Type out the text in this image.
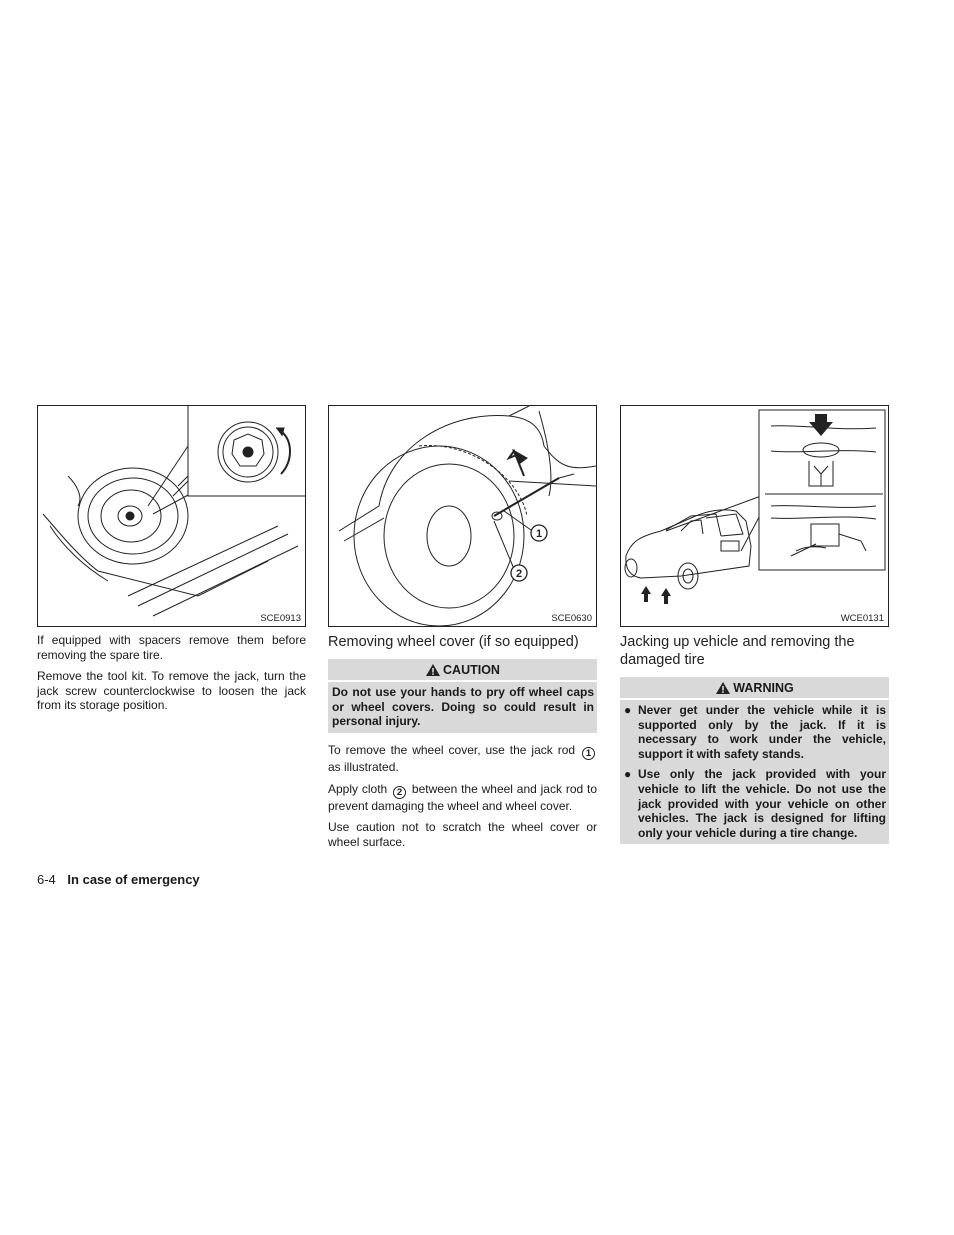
SCE0913

If equipped with spacers remove them before removing the spare tire.

Remove the tool kit. To remove the jack, turn the jack screw counterclockwise to loosen the jack from its storage position.

1
2
SCE0630
Removing wheel cover (if so equipped)
CAUTION
Do not use your hands to pry off wheel caps or wheel covers. Doing so could result in personal injury.

To remove the wheel cover, use the jack rod 1 as illustrated.

Apply cloth 2 between the wheel and jack rod to prevent damaging the wheel and wheel cover.

Use caution not to scratch the wheel cover or wheel surface.

WCE0131
Jacking up vehicle and removing the damaged tire
WARNING
● Never get under the vehicle while it is supported only by the jack. If it is necessary to work under the vehicle, support it with safety stands.
● Use only the jack provided with your vehicle to lift the vehicle. Do not use the jack provided with your vehicle on other vehicles. The jack is designed for lifting only your vehicle during a tire change.
6-4 In case of emergency
